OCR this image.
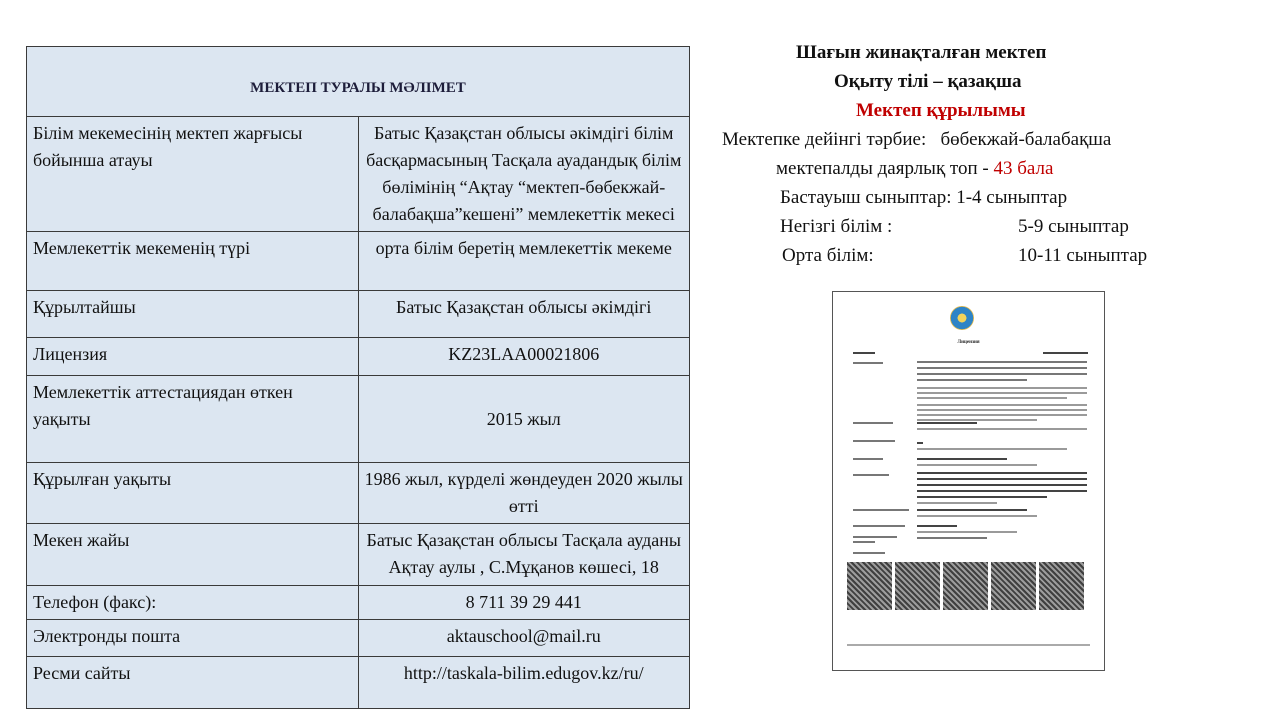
МЕКТЕП ТУРАЛЫ МӘЛІМЕТ	
Білім мекемесінің мектеп жарғысы бойынша атауы	Батыс Қазақстан облысы әкімдігі білім басқармасының Тасқала ауадандық білім бөлімінің “Ақтау “мектеп-бөбекжай-балабақша”кешені” мемлекеттік мекесі
Мемлекеттік мекеменің түрі	орта білім беретің мемлекеттік мекеме
Құрылтайшы	Батыс Қазақстан облысы әкімдігі
Лицензия	KZ23LAA00021806
Мемлекеттік аттестациядан өткен уақыты	2015 жыл
Құрылған уақыты	1986 жыл, күрделі жөндеуден 2020 жылы өтті
Мекен жайы	Батыс Қазақстан облысы Тасқала ауданы Ақтау аулы , С.Мұқанов көшесі, 18
Телефон (факс):	8 711 39 29 441
Электронды пошта	aktauschool@mail.ru
Ресми сайты	http://taskala-bilim.edugov.kz/ru/
Шағын жинақталған мектеп
Оқыту тілі – қазақша
Мектеп құрылымы
Мектепке дейінгі тәрбие: бөбекжай-балабақша
мектепалды даярлық топ - 43 бала
Бастауыш сыныптар: 1-4 сыныптар
Негізгі білім :	5-9 сыныптар
Орта білім:	10-11 сыныптар
Лицензия
